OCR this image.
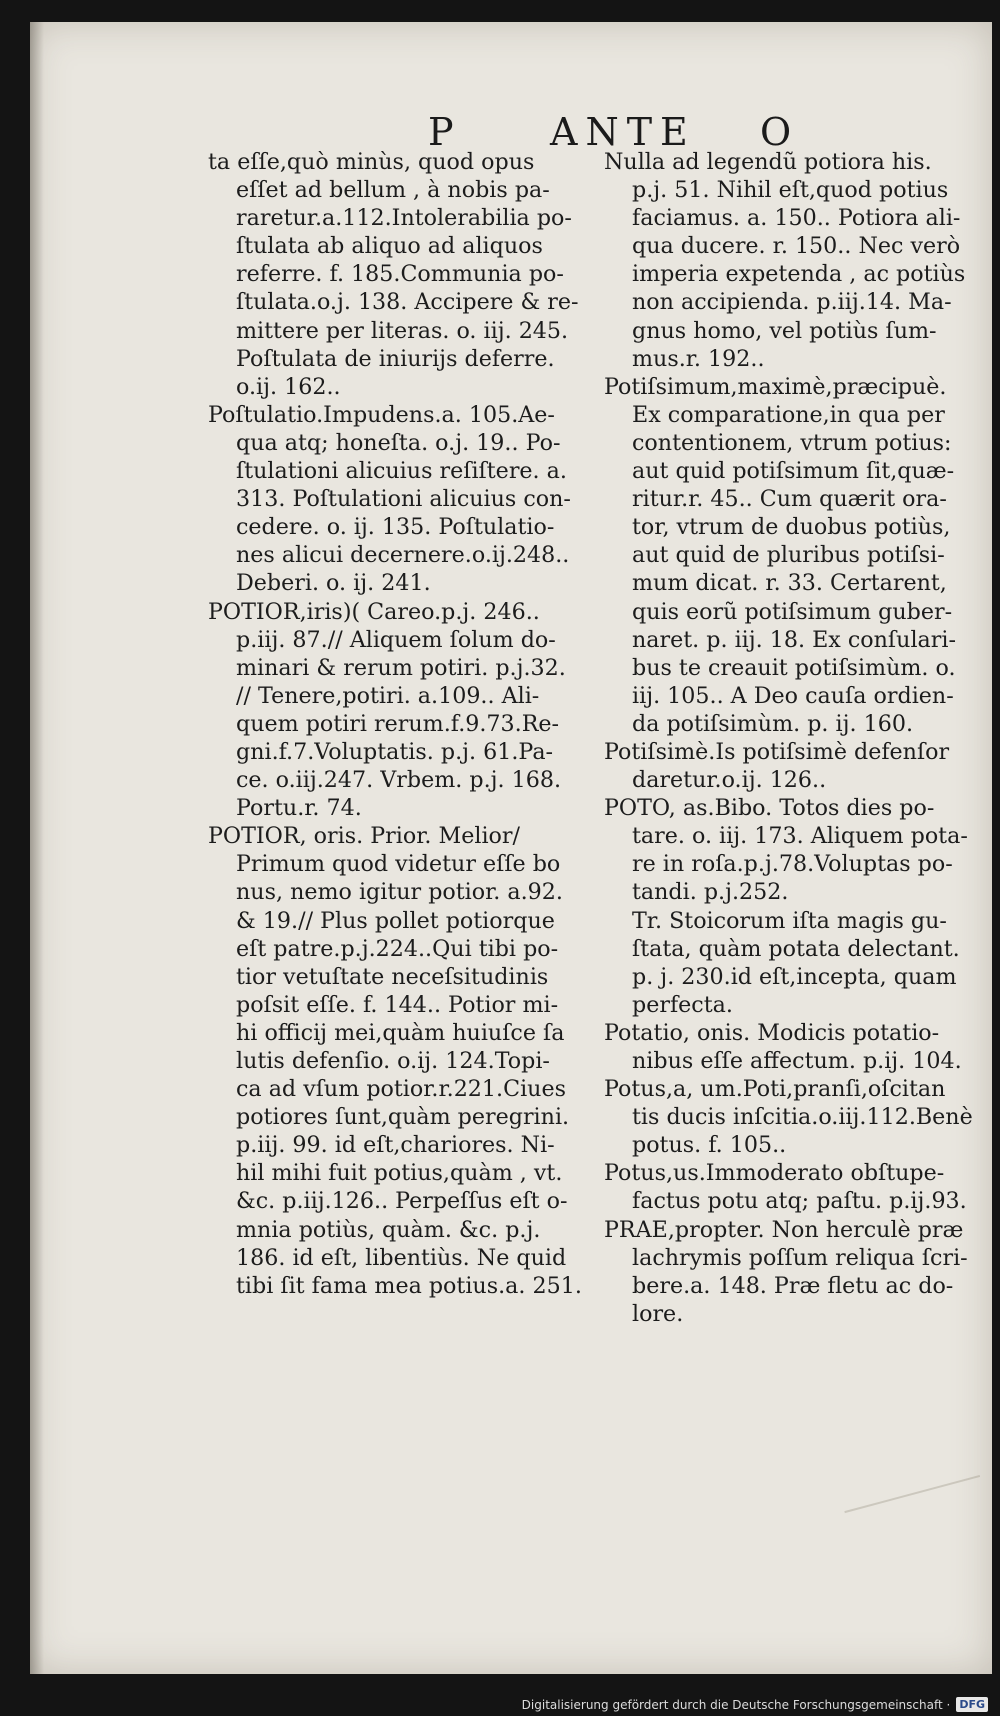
P ANTE O
ta eſſe,quò minùs, quod opus
eſſet ad bellum , à nobis pa-
raretur.a.112.Intolerabilia po-
ſtulata ab aliquo ad aliquos
referre. f. 185.Communia po-
ſtulata.o.j. 138. Accipere & re-
mittere per literas. o. iij. 245.
Poſtulata de iniurijs deferre.
o.ij. 162..
Poſtulatio.Impudens.a. 105.Ae-
qua atq; honeſta. o.j. 19.. Po-
ſtulationi alicuius reſiſtere. a.
313. Poſtulationi alicuius con-
cedere. o. ij. 135. Poſtulatio-
nes alicui decernere.o.ij.248..
Deberi. o. ij. 241.
POTIOR,iris)( Careo.p.j. 246..
p.iij. 87.// Aliquem ſolum do-
minari & rerum potiri. p.j.32.
// Tenere,potiri. a.109.. Ali-
quem potiri rerum.f.9.73.Re-
gni.f.7.Voluptatis. p.j. 61.Pa-
ce. o.iij.247. Vrbem. p.j. 168.
Portu.r. 74.
POTIOR, oris. Prior. Melior/
Primum quod videtur eſſe bo
nus, nemo igitur potior. a.92.
& 19.// Plus pollet potiorque
eſt patre.p.j.224..Qui tibi po-
tior vetuſtate neceſsitudinis
poſsit eſſe. f. 144.. Potior mi-
hi officij mei,quàm huiuſce ſa
lutis defenſio. o.ij. 124.Topi-
ca ad vſum potior.r.221.Ciues
potiores ſunt,quàm peregrini.
p.iij. 99. id eſt,chariores. Ni-
hil mihi fuit potius,quàm , vt.
&c. p.iij.126.. Perpeſſus eſt o-
mnia potiùs, quàm. &c. p.j.
186. id eſt, libentiùs. Ne quid
tibi ſit fama mea potius.a. 251.
Nulla ad legendũ potiora his.
p.j. 51. Nihil eſt,quod potius
faciamus. a. 150.. Potiora ali-
qua ducere. r. 150.. Nec verò
imperia expetenda , ac potiùs
non accipienda. p.iij.14. Ma-
gnus homo, vel potiùs ſum-
mus.r. 192..
Potiſsimum,maximè,præcipuè.
Ex comparatione,in qua per
contentionem, vtrum potius:
aut quid potiſsimum ſit,quæ-
ritur.r. 45.. Cum quærit ora-
tor, vtrum de duobus potiùs,
aut quid de pluribus potiſsi-
mum dicat. r. 33. Certarent,
quis eorũ potiſsimum guber-
naret. p. iij. 18. Ex conſulari-
bus te creauit potiſsimùm. o.
iij. 105.. A Deo cauſa ordien-
da potiſsimùm. p. ij. 160.
Potiſsimè.Is potiſsimè defenſor
daretur.o.ij. 126..
POTO, as.Bibo. Totos dies po-
tare. o. iij. 173. Aliquem pota-
re in roſa.p.j.78.Voluptas po-
tandi. p.j.252.
Tr. Stoicorum iſta magis gu-
ſtata, quàm potata delectant.
p. j. 230.id eſt,incepta, quam
perfecta.
Potatio, onis. Modicis potatio-
nibus eſſe affectum. p.ij. 104.
Potus,a, um.Poti,pranſi,oſcitan
tis ducis inſcitia.o.iij.112.Benè
potus. f. 105..
Potus,us.Immoderato obſtupe-
factus potu atq; paſtu. p.ij.93.
PRAE,propter. Non herculè præ
lachrymis poſſum reliqua ſcri-
bere.a. 148. Præ fletu ac do-
lore.
Digitalisierung gefördert durch die Deutsche Forschungsgemeinschaft · DFG
